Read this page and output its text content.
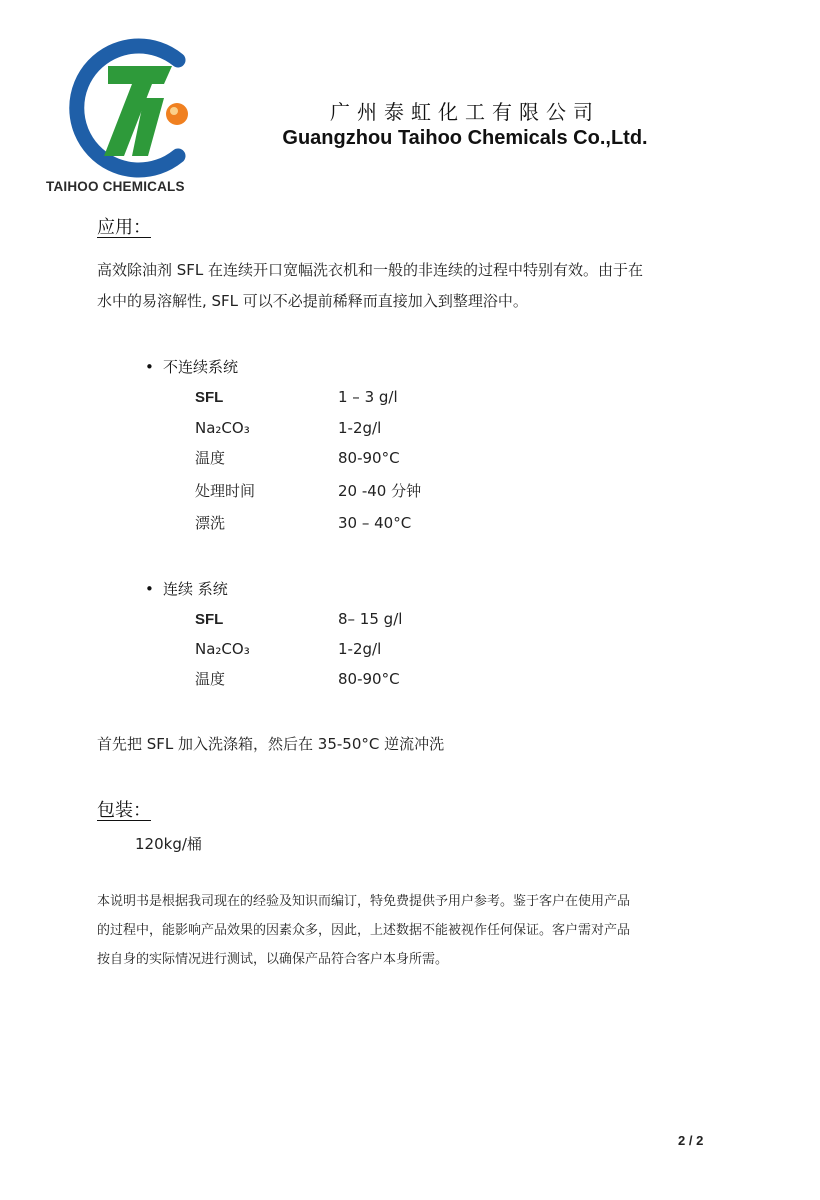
TAIHOO CHEMICALS
广州泰虹化工有限公司
Guangzhou Taihoo Chemicals Co.,Ltd.
应用：
高效除油剂 SFL 在连续开口宽幅洗衣机和一般的非连续的过程中特别有效。由于在
水中的易溶解性, SFL 可以不必提前稀释而直接加入到整理浴中。
• 不连续系统
SFL	1 – 3 g/l
Na₂CO₃	1-2g/l
温度	80-90°C
处理时间	20 -40 分钟
漂洗	30 – 40°C
• 连续 系统
SFL	8– 15 g/l
Na₂CO₃	1-2g/l
温度	80-90°C
首先把 SFL 加入洗涤箱，然后在 35-50°C 逆流冲洗
包装：
120kg/桶
本说明书是根据我司现在的经验及知识而编订，特免费提供予用户参考。鉴于客户在使用产品
的过程中，能影响产品效果的因素众多，因此，上述数据不能被视作任何保证。客户需对产品
按自身的实际情况进行测试，以确保产品符合客户本身所需。
2 / 2
